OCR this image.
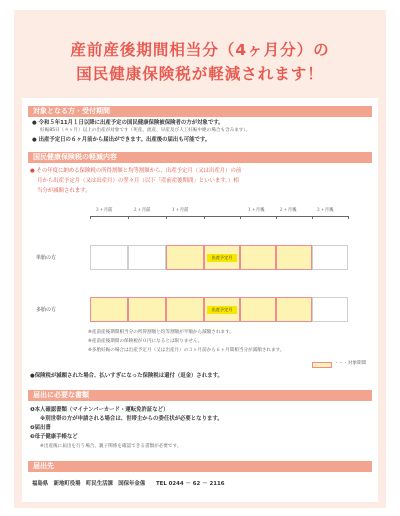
産前産後期間相当分（4ヶ月分）の
国民健康保険税が軽減されます！
対象となる方・受付期間
● 令和５年11月１日以降に出産予定の国民健康保険被保険者の方が対象です。
妊娠85日（４ヶ月）以上の出産が対象です（死産、流産、早産及び人工妊娠中絶の場合も含みます）。
● 出産予定日の６ヶ月前から届出ができます。出産後の届出も可能です。
国民健康保険税の軽減内容
● その年度に納める保険税の所得割額と均等割額から、出産予定月（又は出産月）の前
月から出産予定月（又は出産月）の翌々月（以下「産前産後期間」といいます。）相
当分が減額されます。
３ヶ月前	２ヶ月前	１ヶ月前	１ヶ月後	２ヶ月後	３ヶ月後
単胎の方	出産予定月
多胎の方	出産予定月
※産前産後期間相当分の所得割額と均等割額が半額から減額されます。
※産前産後期間の保険税が０円になるとは限りません。
※多胎妊娠の場合は出産予定月（又は出産月）の３ヶ月前から６ヶ月間相当分が減額されます。
・・・対象期間
●保険税が減額された場合、払いすぎになった保険税は還付（返金）されます。
届出に必要な書類
❶本人確認書類（マイナンバーカード・運転免許証など）
※別世帯の方が申請される場合は、世帯主からの委任状が必要となります。
❷届出書
❸母子健康手帳など
※出産後に届出を行う場合、親子関係を確認できる書類が必要です。
届出先
福島県　新地町役場　町民生活課　国保年金係　　TEL 0244 － 62 － 2116
